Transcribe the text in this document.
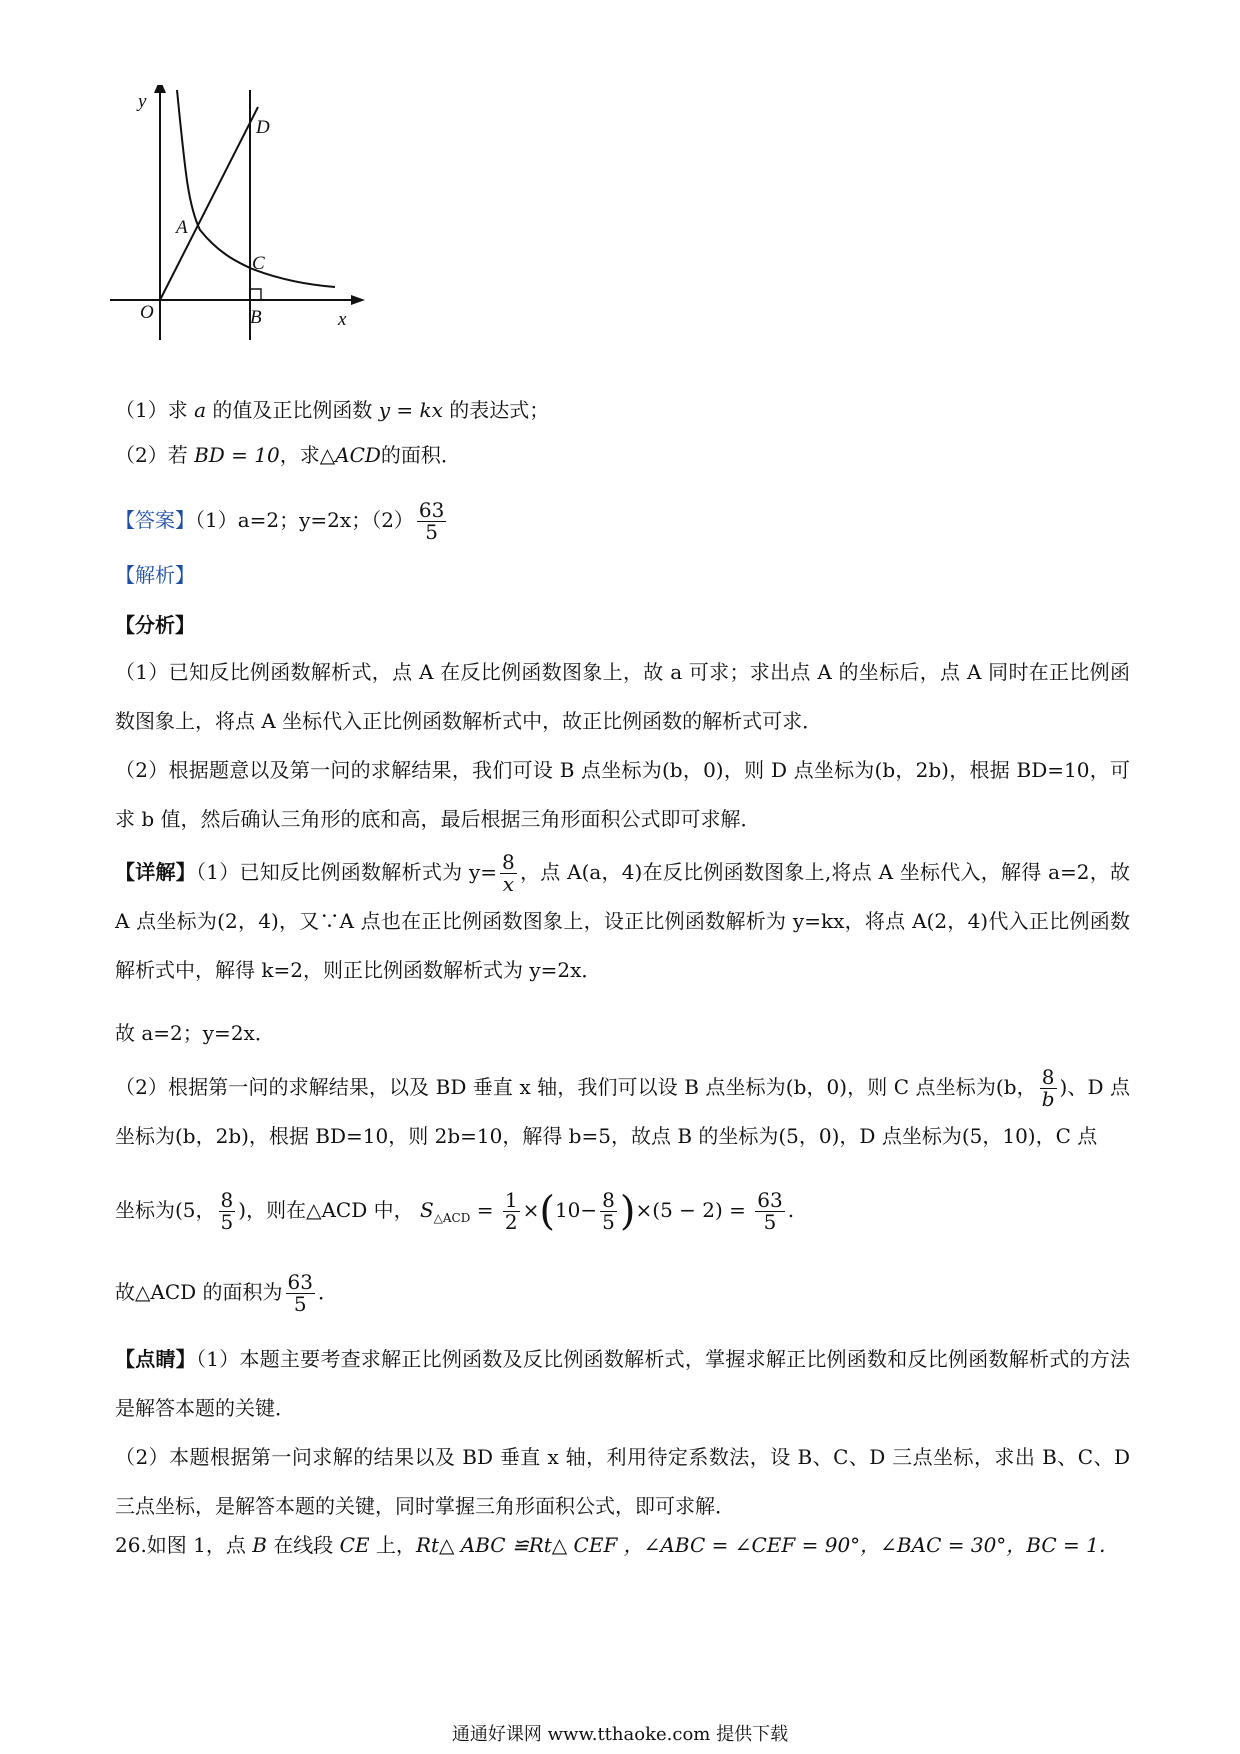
y
x
O
A
B
C
D
（1）求 a 的值及正比例函数 y = kx 的表达式；
（2）若 BD = 10，求△ACD的面积．
【答案】（1）a=2；y=2x；$(2) \frac{63}{5}$
【解析】
【分析】
（1）已知反比例函数解析式，点 A 在反比例函数图象上，故 a 可求；求出点 A 的坐标后，点 A 同时在正比例函数图象上，将点 A 坐标代入正比例函数解析式中，故正比例函数的解析式可求．
（2）根据题意以及第一问的求解结果，我们可设 B 点坐标为(b，0)，则 D 点坐标为(b，2b)，根据 BD=10，可求 b 值，然后确认三角形的底和高，最后根据三角形面积公式即可求解．
【详解】（1）已知反比例函数解析式为 $y= \frac{8}{x}$ ，点 A(a，4)在反比例函数图象上,将点 A 坐标代入，解得 a=2，故 A 点坐标为(2，4)，又∵A 点也在正比例函数图象上，设正比例函数解析为 y=kx，将点 A(2，4)代入正比例函数解析式中，解得 k=2，则正比例函数解析式为 y=2x．
故 a=2；y=2x．
（2）根据第一问的求解结果，以及 BD 垂直 x 轴，我们可以设 B 点坐标为(b，0)，则 C 点坐标为(b， $\frac{8}{b}$ )、D 点坐标为(b，2b)，根据 BD=10，则 2b=10，解得 b=5，故点 B 的坐标为(5，0)，D 点坐标为(5，10)，C 点
坐标为(5， $\frac{8}{5}$ )，则在△ACD 中， $S_{\triangle ACD} = \frac{1}{2} \times(10- \frac{8}{5} )\times(5 - 2) = \frac{63}{5}$ .
故△ACD 的面积为 $\frac{63}{5}$ ．
【点睛】（1）本题主要考查求解正比例函数及反比例函数解析式，掌握求解正比例函数和反比例函数解析式的方法是解答本题的关键．
（2）本题根据第一问求解的结果以及 BD 垂直 x 轴，利用待定系数法，设 B、C、D 三点坐标，求出 B、C、D 三点坐标，是解答本题的关键，同时掌握三角形面积公式，即可求解．
26.如图 1，点 B 在线段 CE 上，Rt△ ABC ≌Rt△ CEF ，∠ABC = ∠CEF = 90°，∠BAC = 30°，BC = 1．
通通好课网 www.tthaoke.com 提供下载
